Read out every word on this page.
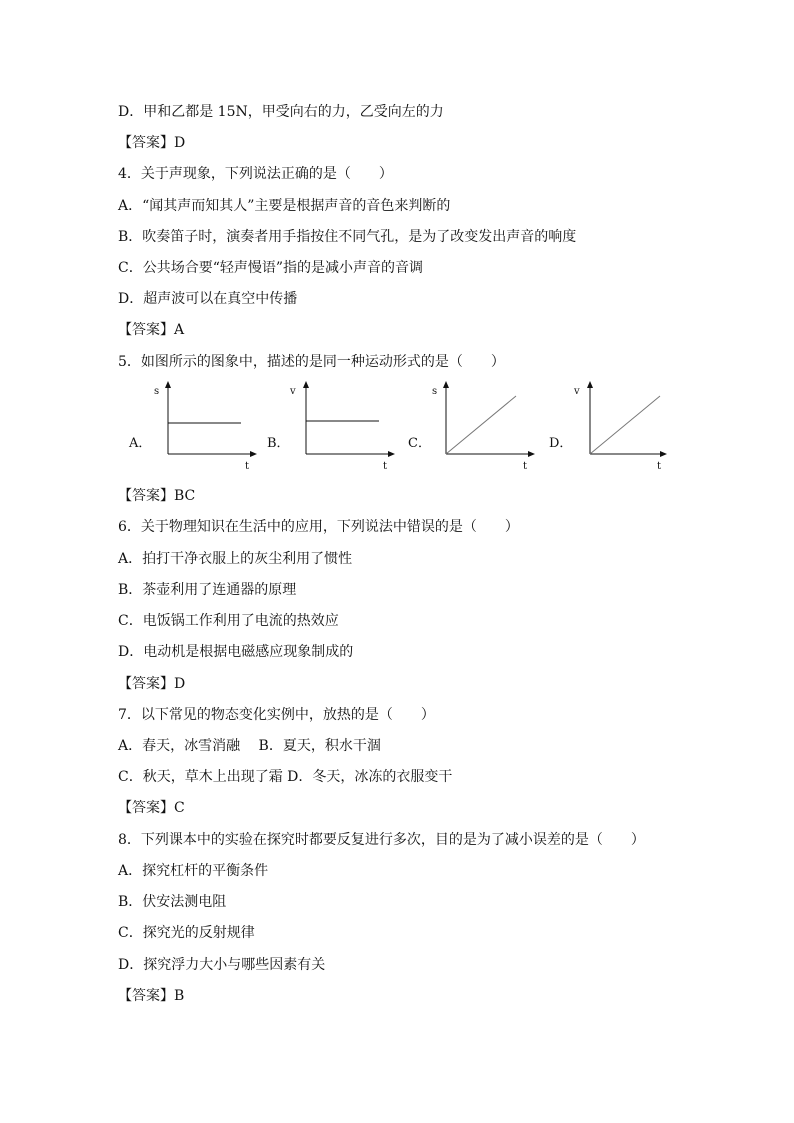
D．甲和乙都是 15N，甲受向右的力，乙受向左的力
【答案】D
4．关于声现象，下列说法正确的是（　　）
A．“闻其声而知其人”主要是根据声音的音色来判断的
B．吹奏笛子时，演奏者用手指按住不同气孔，是为了改变发出声音的响度
C．公共场合要“轻声慢语”指的是减小声音的音调
D．超声波可以在真空中传播
【答案】A
5．如图所示的图象中，描述的是同一种运动形式的是（　　）
A．
s
t
B．
v
t
C．
s
t
D．
v
t
【答案】BC
6．关于物理知识在生活中的应用，下列说法中错误的是（　　）
A．拍打干净衣服上的灰尘利用了惯性
B．茶壶利用了连通器的原理
C．电饭锅工作利用了电流的热效应
D．电动机是根据电磁感应现象制成的
【答案】D
7．以下常见的物态变化实例中，放热的是（　　）
A．春天，冰雪消融　 B．夏天，积水干涸
C．秋天，草木上出现了霜 D．冬天，冰冻的衣服变干
【答案】C
8．下列课本中的实验在探究时都要反复进行多次，目的是为了减小误差的是（　　）
A．探究杠杆的平衡条件
B．伏安法测电阻
C．探究光的反射规律
D．探究浮力大小与哪些因素有关
【答案】B
